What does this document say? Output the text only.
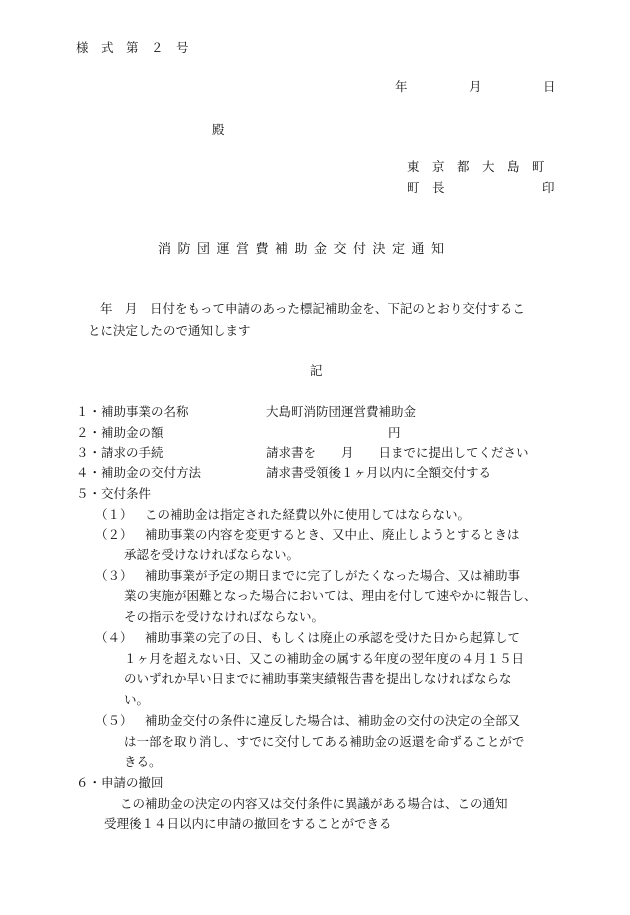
様　式　第　２　号
年	月	日
殿
東　京　都　大　島　町
町　長	印
消防団運営費補助金交付決定通知
年　月　日付をもって申請のあった標記補助金を、下記のとおり交付するこ
とに決定したので通知します
記
１・補助事業の名称	大島町消防団運営費補助金
２・補助金の額	円
３・請求の手続	請求書を　　月　　日までに提出してください
４・補助金の交付方法	請求書受領後１ヶ月以内に全額交付する
５・交付条件
（１） この補助金は指定された経費以外に使用してはならない。
（２） 補助事業の内容を変更するとき、又中止、廃止しようとするときは
承認を受けなければならない。
（３） 補助事業が予定の期日までに完了しがたくなった場合、又は補助事
業の実施が困難となった場合においては、理由を付して速やかに報告し、
その指示を受けなければならない。
（４） 補助事業の完了の日、もしくは廃止の承認を受けた日から起算して
１ヶ月を超えない日、又この補助金の属する年度の翌年度の４月１５日
のいずれか早い日までに補助事業実績報告書を提出しなければならな
い。
（５） 補助金交付の条件に違反した場合は、補助金の交付の決定の全部又
は一部を取り消し、すでに交付してある補助金の返還を命ずることがで
きる。
６・申請の撤回
この補助金の決定の内容又は交付条件に異議がある場合は、この通知
受理後１４日以内に申請の撤回をすることができる
